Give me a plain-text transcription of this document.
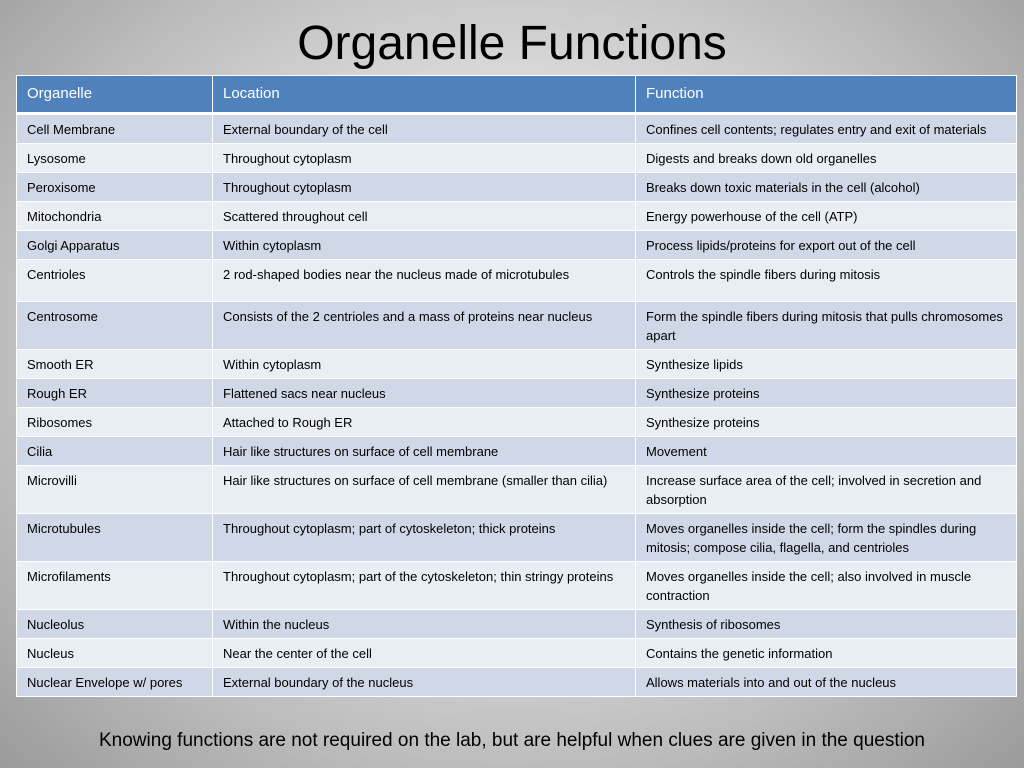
Organelle Functions
Organelle	Location	Function
Cell Membrane	External boundary of the cell	Confines cell contents; regulates entry and exit of materials
Lysosome	Throughout cytoplasm	Digests and breaks down old organelles
Peroxisome	Throughout cytoplasm	Breaks down toxic materials in the cell (alcohol)
Mitochondria	Scattered throughout cell	Energy powerhouse of the cell (ATP)
Golgi Apparatus	Within cytoplasm	Process lipids/proteins for export out of the cell
Centrioles	2 rod-shaped bodies near the nucleus made of microtubules	Controls the spindle fibers during mitosis
Centrosome	Consists of the 2 centrioles and a mass of proteins near nucleus	Form the spindle fibers during mitosis that pulls chromosomes apart
Smooth ER	Within cytoplasm	Synthesize lipids
Rough ER	Flattened sacs near nucleus	Synthesize proteins
Ribosomes	Attached to Rough ER	Synthesize proteins
Cilia	Hair like structures on surface of cell membrane	Movement
Microvilli	Hair like structures on surface of cell membrane (smaller than cilia)	Increase surface area of the cell; involved in secretion and absorption
Microtubules	Throughout cytoplasm; part of cytoskeleton; thick proteins	Moves organelles inside the cell; form the spindles during mitosis; compose cilia, flagella, and centrioles
Microfilaments	Throughout cytoplasm; part of the cytoskeleton; thin stringy proteins	Moves organelles inside the cell; also involved in muscle contraction
Nucleolus	Within the nucleus	Synthesis of ribosomes
Nucleus	Near the center of the cell	Contains the genetic information
Nuclear Envelope w/ pores	External boundary of the nucleus	Allows materials into and out of the nucleus
Knowing functions are not required on the lab, but are helpful when clues are given in the question
